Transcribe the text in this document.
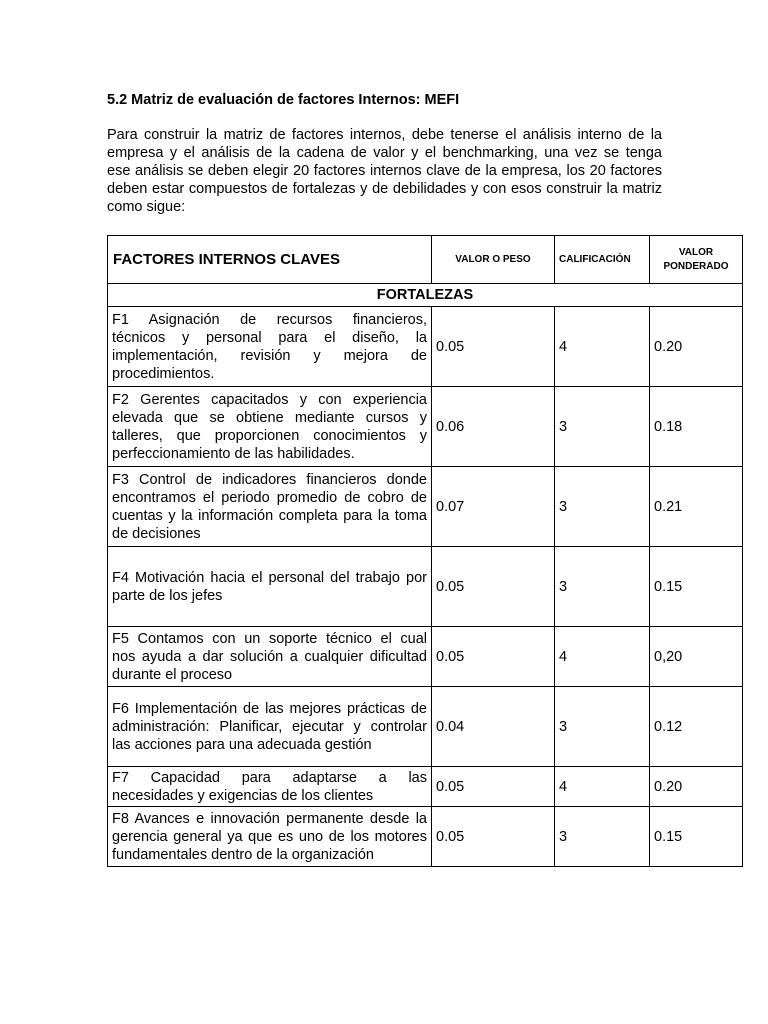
5.2 Matriz de evaluación de factores Internos: MEFI
Para construir la matriz de factores internos, debe tenerse el análisis interno de la
empresa y el análisis de la cadena de valor y el benchmarking, una vez se tenga
ese análisis se deben elegir 20 factores internos clave de la empresa, los 20 factores
deben estar compuestos de fortalezas y de debilidades y con esos construir la matriz
como sigue:
FACTORES INTERNOS CLAVES	VALOR O PESO	CALIFICACIÓN	VALOR
PONDERADO

FORTALEZAS			

F1 Asignación de recursos financieros,
técnicos y personal para el diseño, la
implementación, revisión y mejora de
procedimientos.	0.05	4	0.20

F2 Gerentes capacitados y con experiencia
elevada que se obtiene mediante cursos y
talleres, que proporcionen conocimientos y
perfeccionamiento de las habilidades.	0.06	3	0.18

F3 Control de indicadores financieros donde
encontramos el periodo promedio de cobro de
cuentas y la información completa para la toma
de decisiones	0.07	3	0.21

F4 Motivación hacia el personal del trabajo por
parte de los jefes	0.05	3	0.15

F5 Contamos con un soporte técnico el cual
nos ayuda a dar solución a cualquier dificultad
durante el proceso	0.05	4	0,20

F6 Implementación de las mejores prácticas de
administración: Planificar, ejecutar y controlar
las acciones para una adecuada gestión	0.04	3	0.12

F7 Capacidad para adaptarse a las
necesidades y exigencias de los clientes	0.05	4	0.20

F8 Avances e innovación permanente desde la
gerencia general ya que es uno de los motores
fundamentales dentro de la organización	0.05	3	0.15
